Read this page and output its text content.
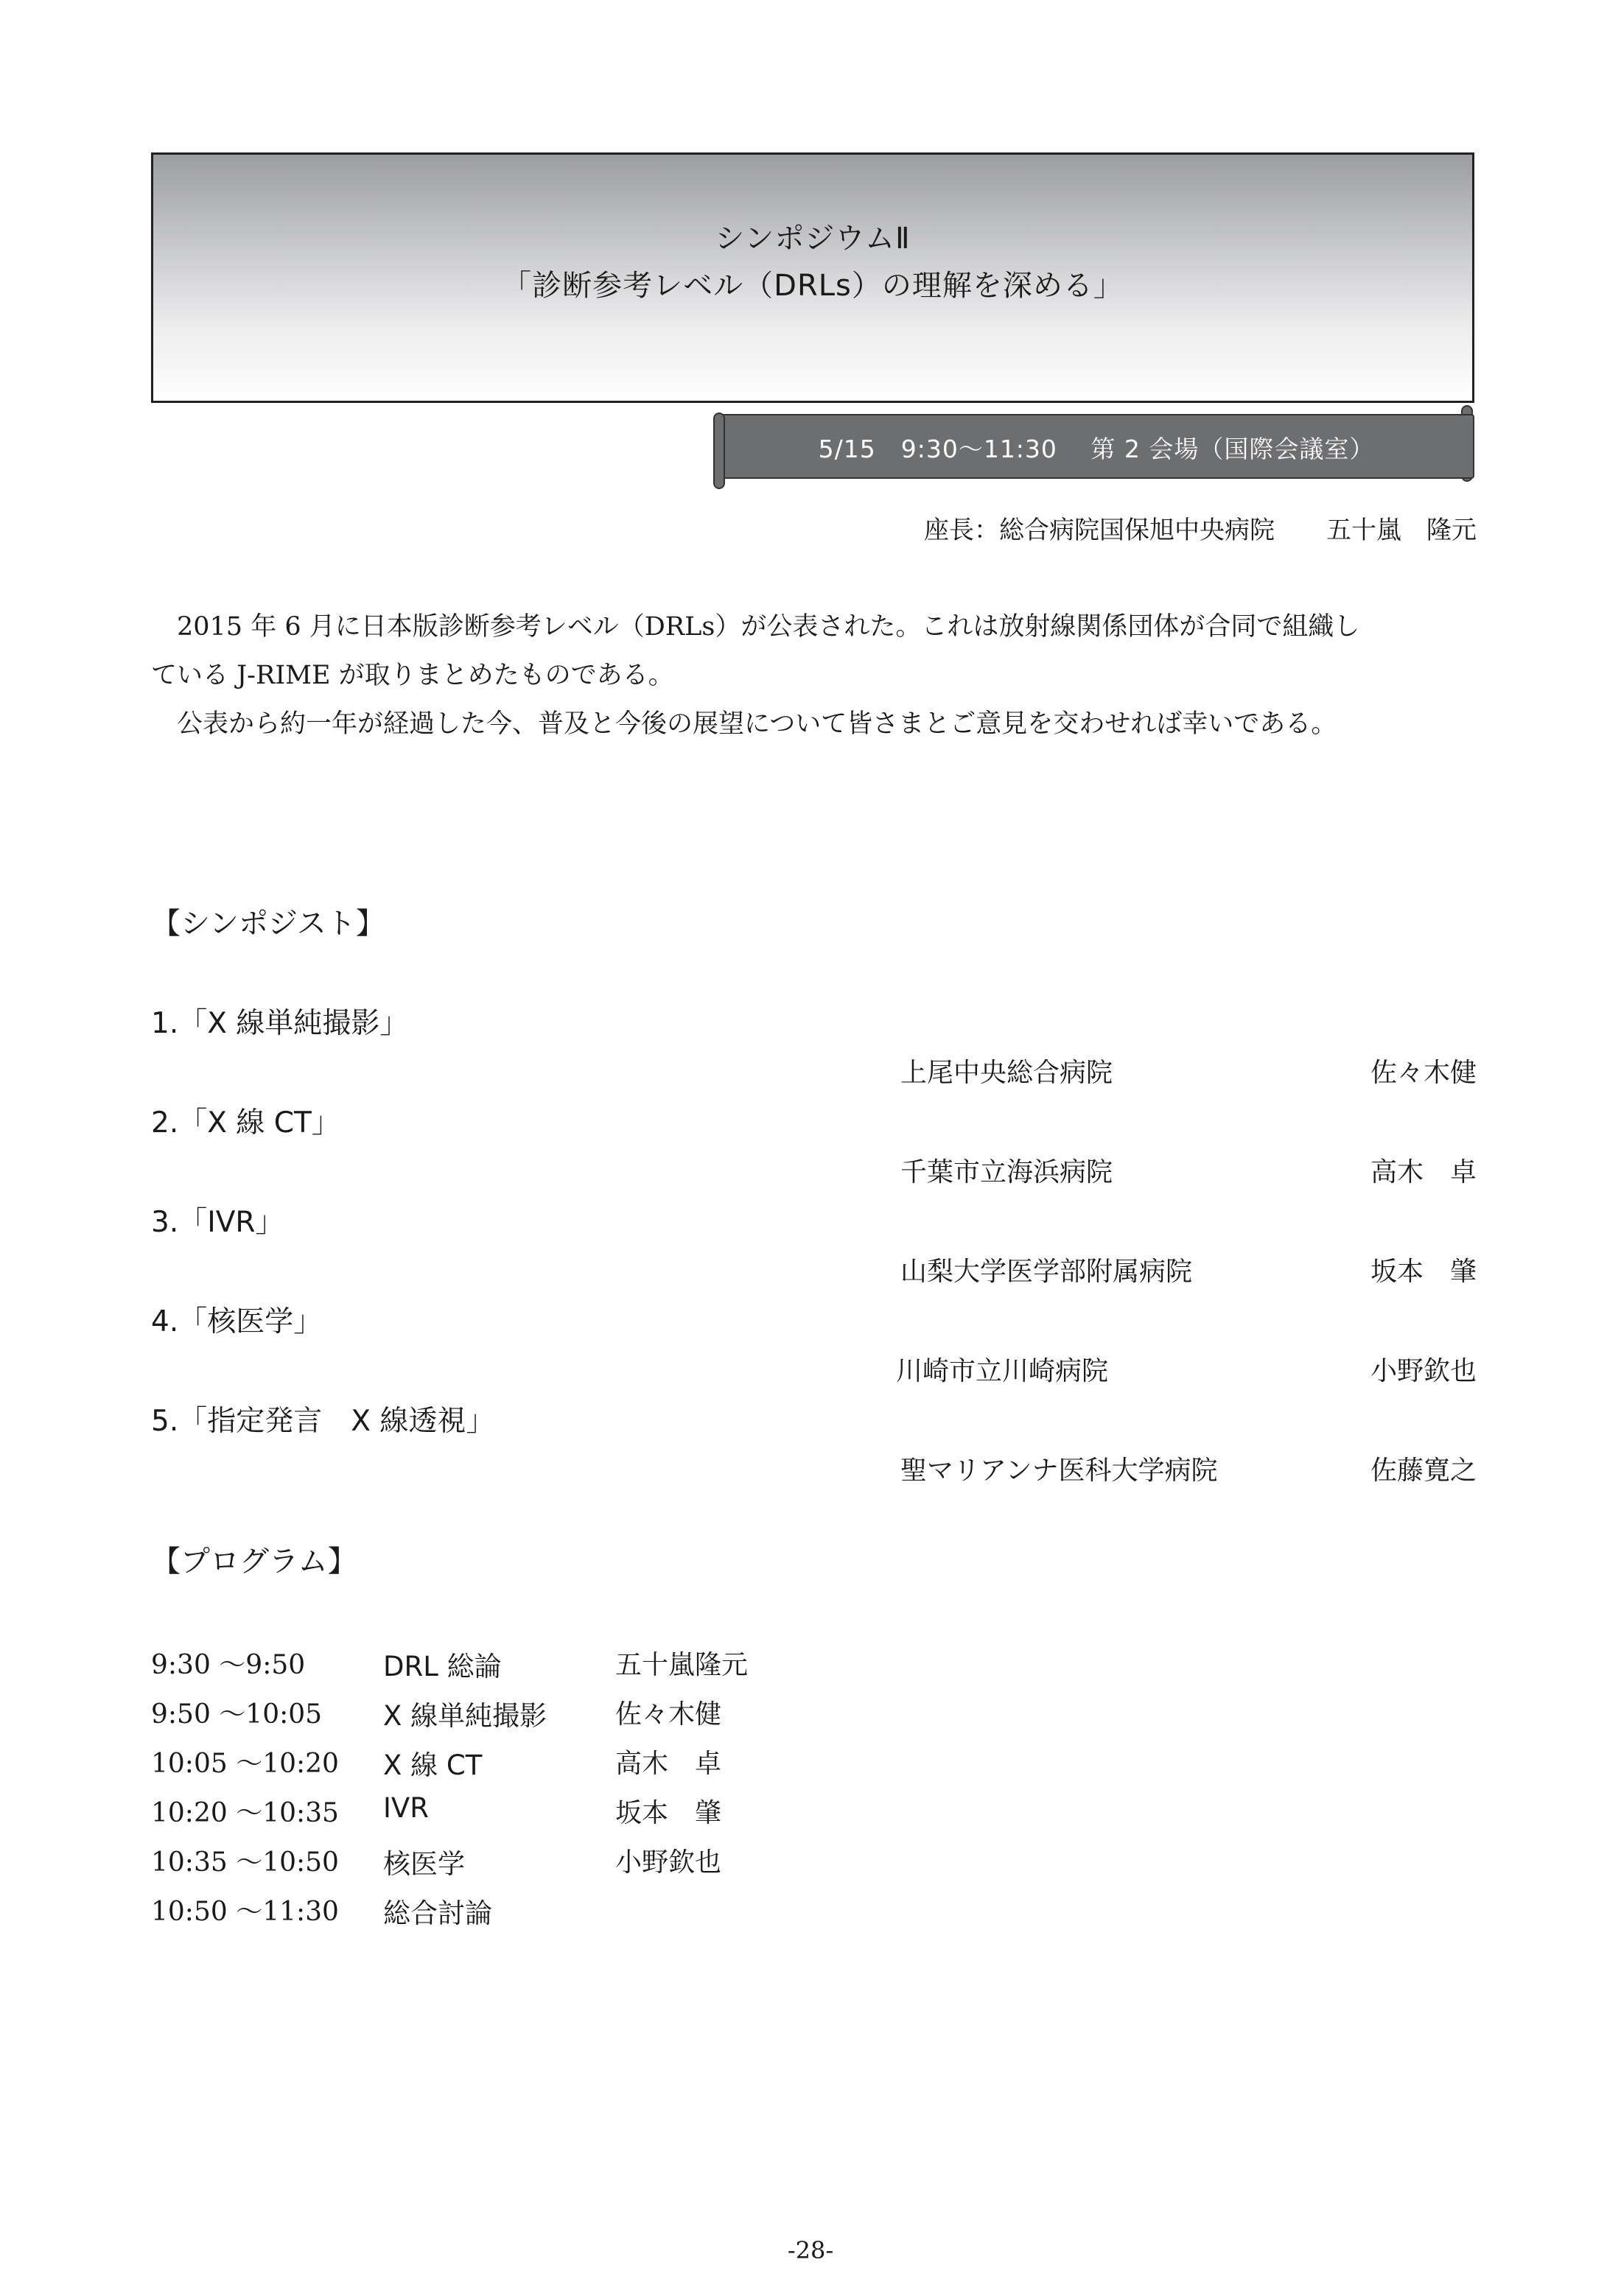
シンポジウムⅡ
「診断参考レベル（DRLs）の理解を深める」
5/15　9:30～11:30　 第 2 会場（国際会議室）
座長：総合病院国保旭中央病院 五十嵐　隆元

　2015 年 6 月に日本版診断参考レベル（DRLs）が公表された。これは放射線関係団体が合同で組織し

ている J-RIME が取りまとめたものである。

　公表から約一年が経過した今、普及と今後の展望について皆さまとご意見を交わせれば幸いである。

【シンポジスト】
1.「X 線単純撮影」
上尾中央総合病院	佐々木健
2.「X 線 CT」
千葉市立海浜病院	高木　卓
3.「IVR」
山梨大学医学部附属病院	坂本　肇
4.「核医学」
川崎市立川崎病院	小野欽也
5.「指定発言　X 線透視」
聖マリアンナ医科大学病院	佐藤寛之
【プログラム】
9:30 ～9:50	DRL 総論	五十嵐隆元
9:50 ～10:05	X 線単純撮影	佐々木健
10:05 ～10:20 X 線 CT	高木　卓
10:20 ～10:35 IVR	坂本　肇
10:35 ～10:50 核医学	小野欽也
10:50 ～11:30 総合討論
-28-
